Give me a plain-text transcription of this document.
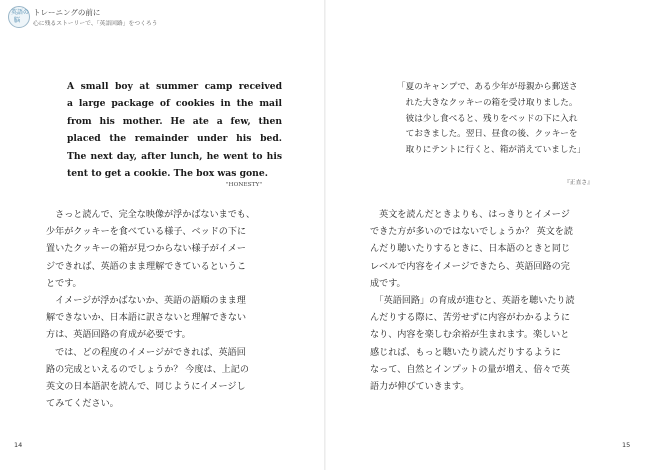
英語の
脳
トレーニングの前に
心に残るストーリーで、「英語回路」をつくろう
A small boy at summer camp received
a large package of cookies in the mail
from his mother. He ate a few, then
placed the remainder under his bed.
The next day, after lunch, he went to his
tent to get a cookie. The box was gone.
"HONESTY"
　さっと読んで、完全な映像が浮かばないまでも、
少年がクッキーを食べている様子、ベッドの下に
置いたクッキーの箱が見つからない様子がイメー
ジできれば、英語のまま理解できているというこ
とです。
　イメージが浮かばないか、英語の語順のまま理
解できないか、日本語に訳さないと理解できない
方は、英語回路の育成が必要です。
　では、どの程度のイメージができれば、英語回
路の完成といえるのでしょうか？ 今度は、上記の
英文の日本語訳を読んで、同じようにイメージし
てみてください。
「夏のキャンプで、ある少年が母親から郵送さ
　れた大きなクッキーの箱を受け取りました。
　彼は少し食べると、残りをベッドの下に入れ
　ておきました。翌日、昼食の後、クッキーを
　取りにテントに行くと、箱が消えていました」
『正直さ』
　英文を読んだときよりも、はっきりとイメージ
できた方が多いのではないでしょうか？ 英文を読
んだり聴いたりするときに、日本語のときと同じ
レベルで内容をイメージできたら、英語回路の完
成です。
　「英語回路」の育成が進むと、英語を聴いたり読
んだりする際に、苦労せずに内容がわかるように
なり、内容を楽しむ余裕が生まれます。楽しいと
感じれば、もっと聴いたり読んだりするように
なって、自然とインプットの量が増え、倍々で英
語力が伸びていきます。
14	15
